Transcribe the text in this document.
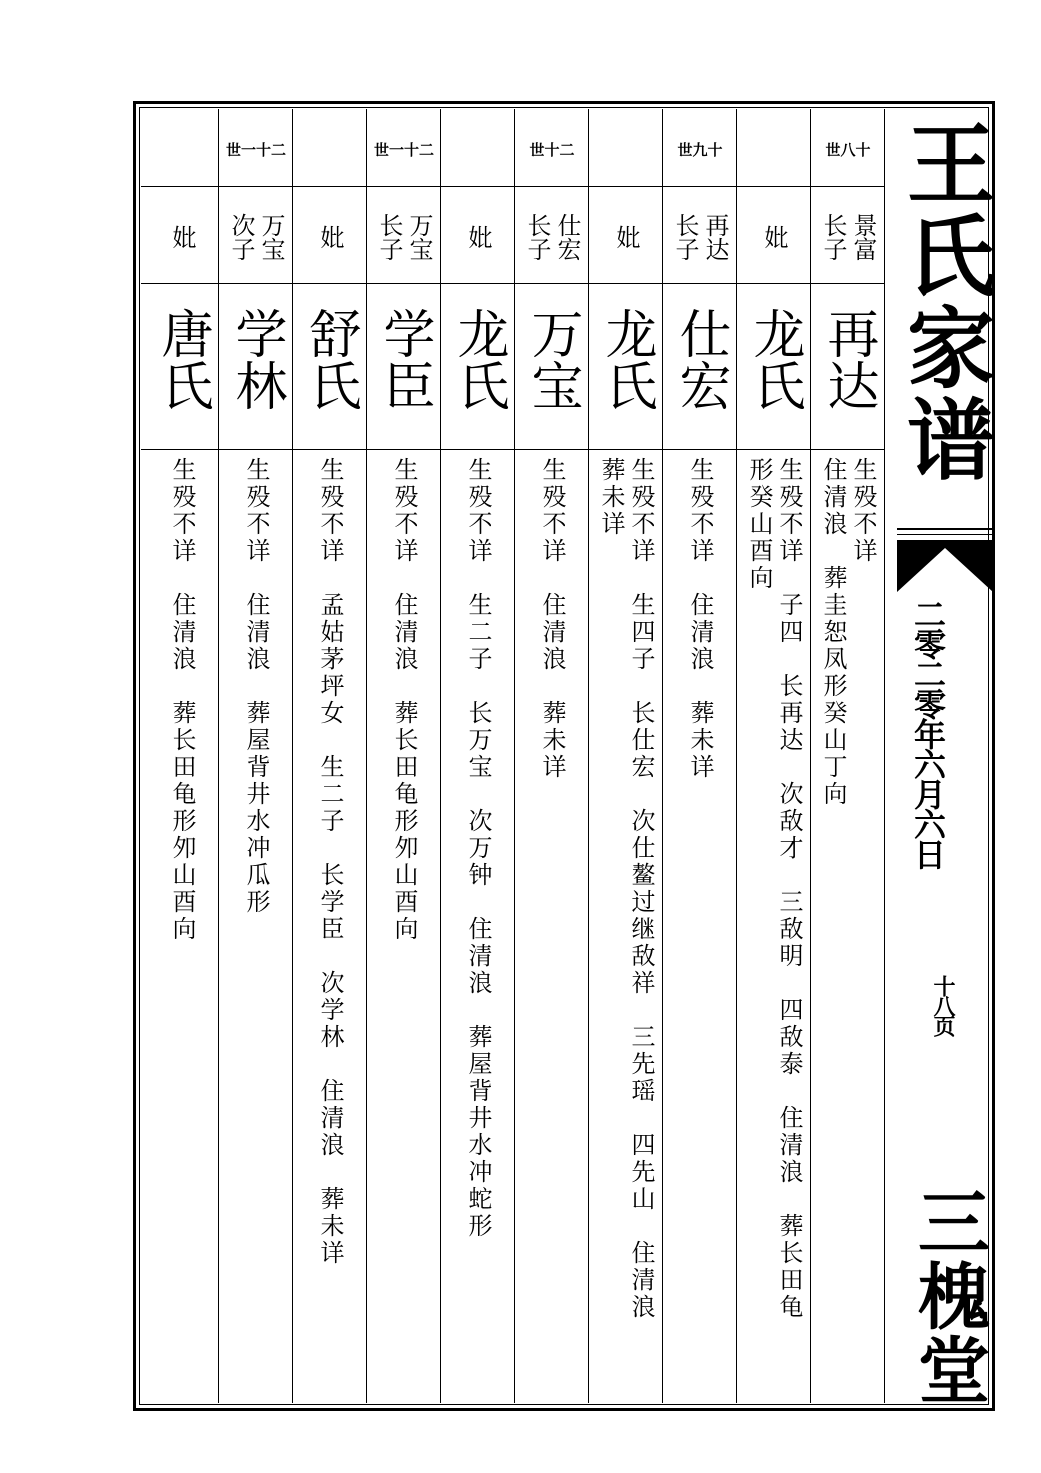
世八十
景富
长子
再达
生殁不详
住清浪　葬圭恕凤形癸山丁向
妣
龙氏
生殁不详　子四　长再达　次敌才　三敌明　四敌泰　住清浪　葬长田龟
形癸山酉向
世九十
再达
长子
仕宏
生殁不详　住清浪　葬未详
妣
龙氏
生殁不详　生四子　长仕宏　次仕鳌过继敌祥　三先瑶　四先山　住清浪
葬未详
世十二
仕宏
长子
万宝
生殁不详　住清浪　葬未详
妣
龙氏
生殁不详　生二子　长万宝　次万钟　住清浪　葬屋背井水冲蛇形
世一十二
万宝
长子
学臣
生殁不详　住清浪　葬长田龟形夘山酉向
妣
舒氏
生殁不详　孟姑茅坪女　生二子　长学臣　次学林　住清浪　葬未详
世一十二
万宝
次子
学林
生殁不详　住清浪　葬屋背井水冲瓜形
妣
唐氏
生殁不详　住清浪　葬长田龟形夘山酉向
王氏家谱
二零二零年六月六日
十八页
三槐堂
